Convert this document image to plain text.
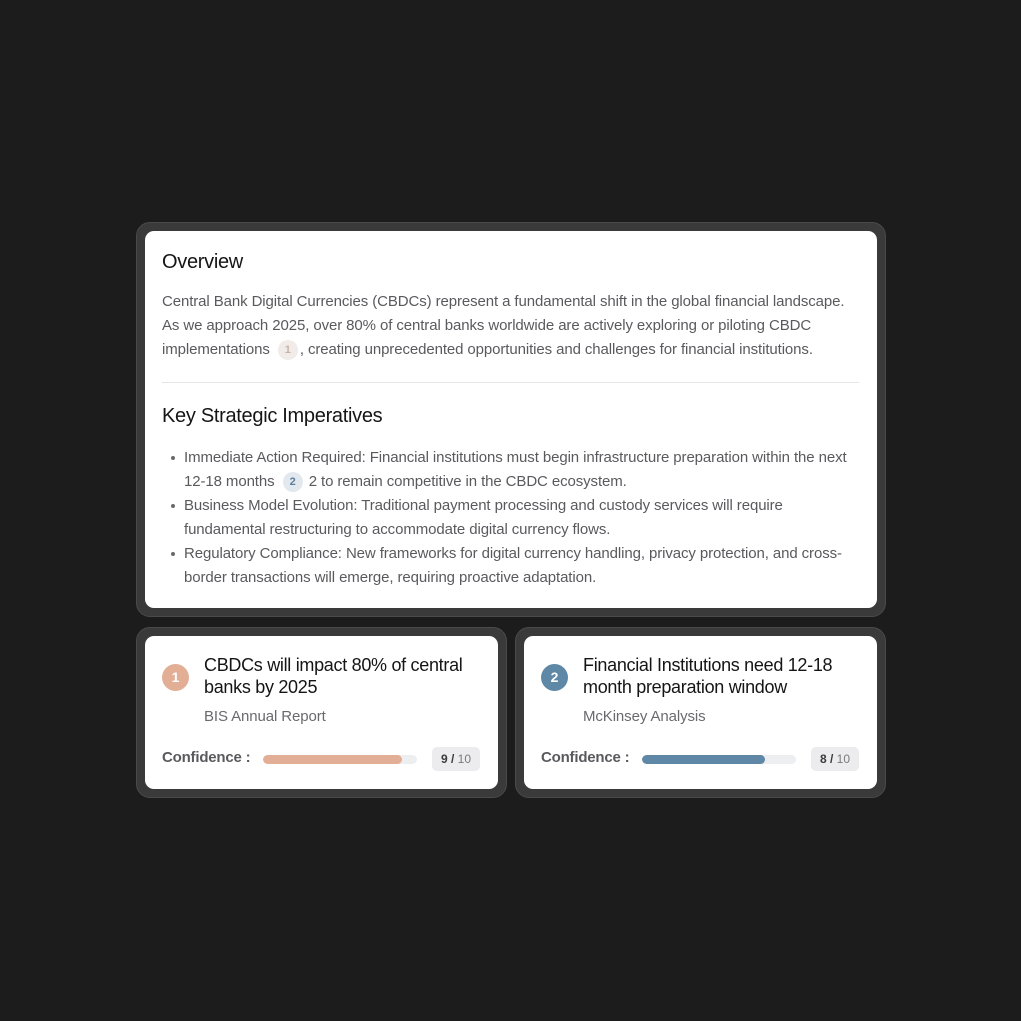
Overview

Central Bank Digital Currencies (CBDCs) represent a fundamental shift in the global financial landscape. As we approach 2025, over 80% of central banks worldwide are actively exploring or piloting CBDC implementations 1 , creating unprecedented opportunities and challenges for financial institutions.

Key Strategic Imperatives
Immediate Action Required: Financial institutions must begin infrastructure preparation within the next 12-18 months 2 2 to remain competitive in the CBDC ecosystem.
Business Model Evolution: Traditional payment processing and custody services will require fundamental restructuring to accommodate digital currency flows.
Regulatory Compliance: New frameworks for digital currency handling, privacy protection, and cross-border transactions will emerge, requiring proactive adaptation.
1
CBDCs will impact 80% of central banks by 2025
BIS Annual Report
Confidence :	9 / 10
2
Financial Institutions need 12-18 month preparation window
McKinsey Analysis
Confidence :	8 / 10
